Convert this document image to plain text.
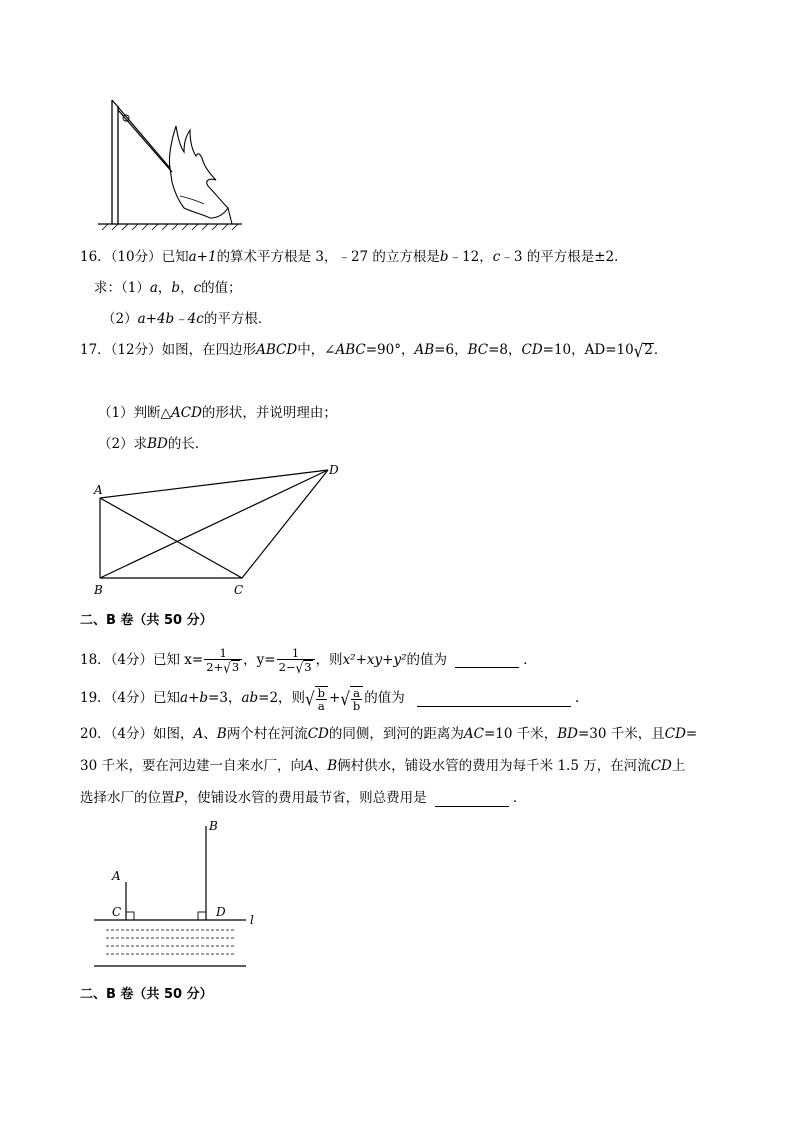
16．（10分）已知a+1的算术平方根是 3，﹣27 的立方根是b﹣12，c﹣3 的平方根是±2．
求：（1）a，b，c的值；
（2）a+4b﹣4c的平方根．
17．（12分）如图，在四边形ABCD中，∠ABC=90°，AB=6，BC=8，CD=10，AD=10√2．
（1）判断△ACD的形状，并说明理由；
（2）求BD的长．
A
B	C
D
二、B 卷（共 50 分）
18．（4分）已知 $x= \frac{1}{2+√3}$ ，$y= \frac{1}{2-√3}$ ，则x²+xy+y²的值为	．
19．（4分）已知a+b=3，ab=2，则√ $\frac{b}{a}$ +√ $\frac{a}{b}$ 的值为	．
20．（4分）如图，A、B两个村在河流CD的同侧，到河的距离为AC=10 千米，BD=30 千米，且CD=
30 千米，要在河边建一自来水厂，向A、B俩村供水，铺设水管的费用为每千米 1.5 万，在河流CD上
选择水厂的位置P，使铺设水管的费用最节省，则总费用是	．
B
A
C	D
l
二、B 卷（共 50 分）
